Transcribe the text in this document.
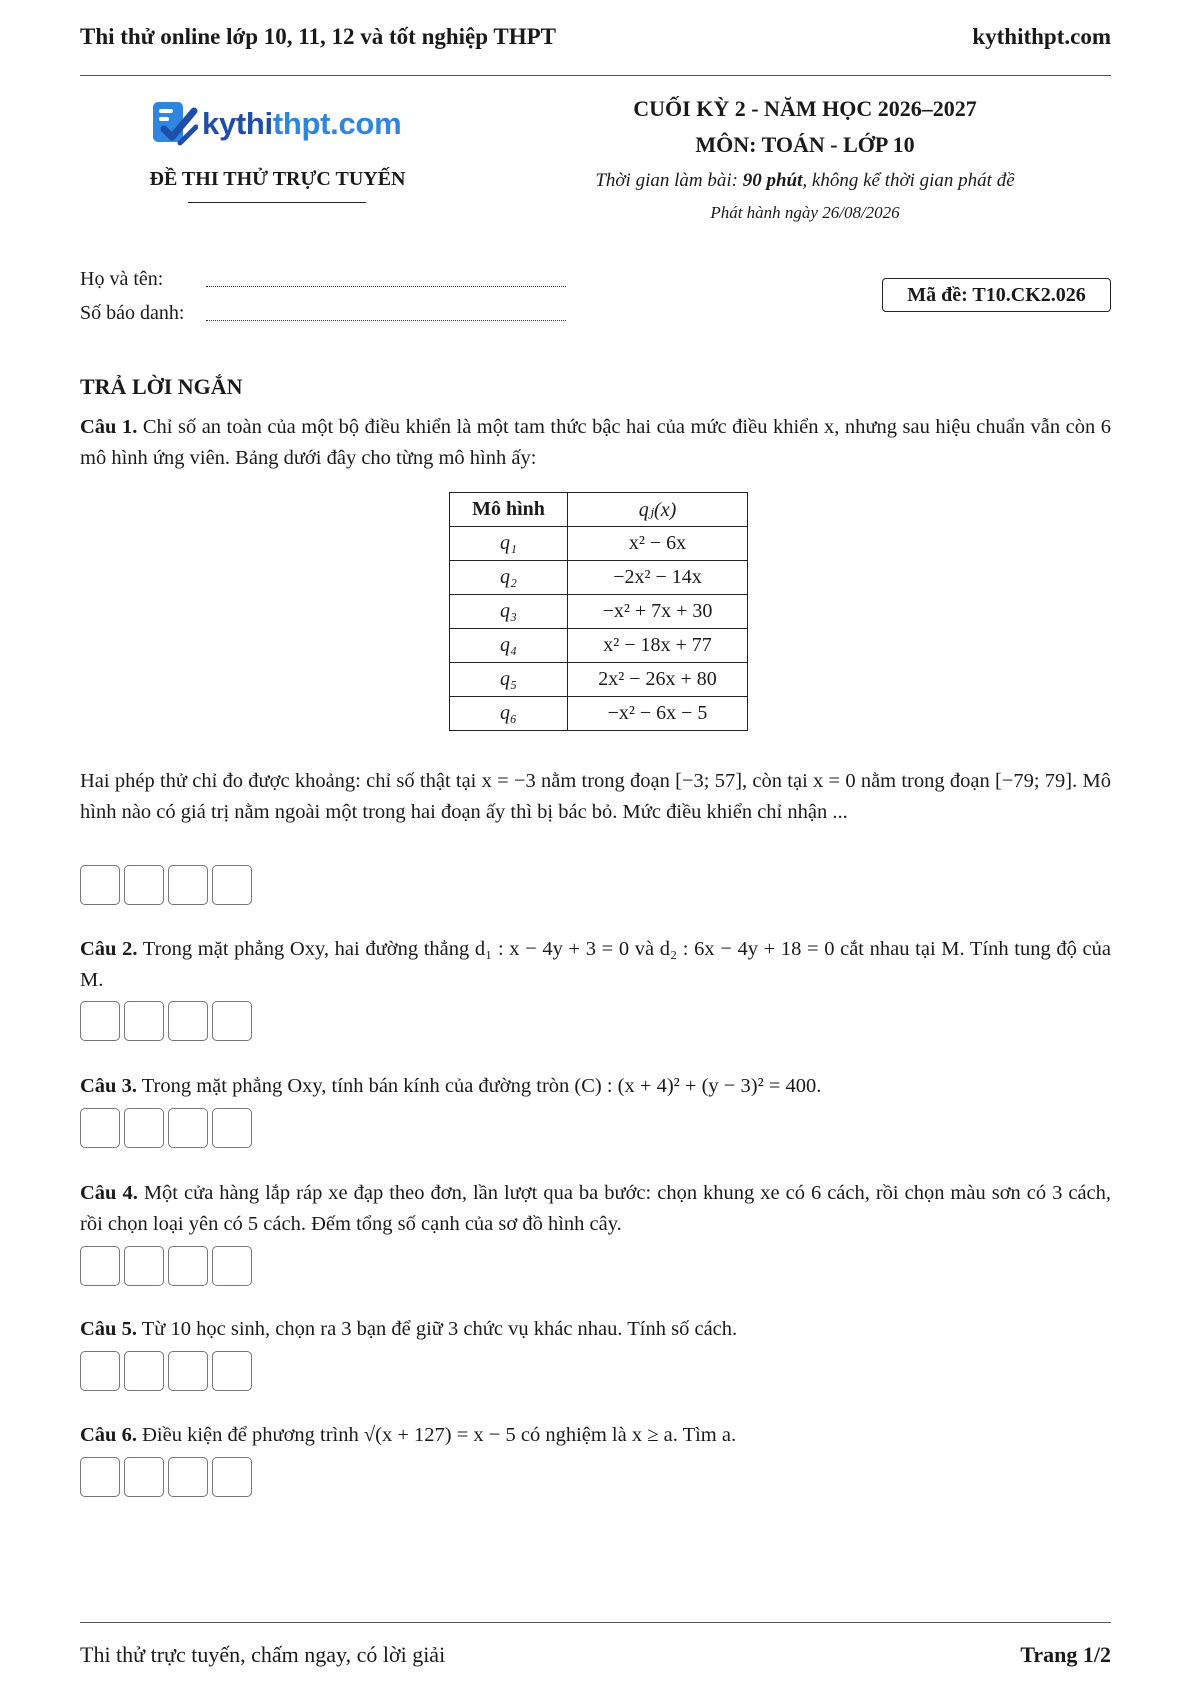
Thi thử online lớp 10, 11, 12 và tốt nghiệp THPT	kythithpt.com
kythithpt.com
ĐỀ THI THỬ TRỰC TUYẾN
CUỐI KỲ 2 - NĂM HỌC 2026–2027
MÔN: TOÁN - LỚP 10
Thời gian làm bài: 90 phút, không kể thời gian phát đề
Phát hành ngày 26/08/2026
Họ và tên:
Số báo danh:
Mã đề: T10.CK2.026
TRẢ LỜI NGẮN
Câu 1. Chỉ số an toàn của một bộ điều khiển là một tam thức bậc hai của mức điều khiển x, nhưng sau hiệu chuẩn vẫn còn 6 mô hình ứng viên. Bảng dưới đây cho từng mô hình ấy:
Mô hình	qⱼ(x)
q₁	x² − 6x
q₂	−2x² − 14x
q₃	−x² + 7x + 30
q₄	x² − 18x + 77
q₅	2x² − 26x + 80
q₆	−x² − 6x − 5
Hai phép thử chỉ đo được khoảng: chỉ số thật tại x = −3 nằm trong đoạn [−3; 57], còn tại x = 0 nằm trong đoạn [−79; 79]. Mô hình nào có giá trị nằm ngoài một trong hai đoạn ấy thì bị bác bỏ. Mức điều khiển chỉ nhận ...
Câu 2. Trong mặt phẳng Oxy, hai đường thẳng d₁ : x − 4y + 3 = 0 và d₂ : 6x − 4y + 18 = 0 cắt nhau tại M. Tính tung độ của M.
Câu 3. Trong mặt phẳng Oxy, tính bán kính của đường tròn (C) : (x + 4)² + (y − 3)² = 400.
Câu 4. Một cửa hàng lắp ráp xe đạp theo đơn, lần lượt qua ba bước: chọn khung xe có 6 cách, rồi chọn màu sơn có 3 cách, rồi chọn loại yên có 5 cách. Đếm tổng số cạnh của sơ đồ hình cây.
Câu 5. Từ 10 học sinh, chọn ra 3 bạn để giữ 3 chức vụ khác nhau. Tính số cách.
Câu 6. Điều kiện để phương trình √(x + 127) = x − 5 có nghiệm là x ≥ a. Tìm a.
Thi thử trực tuyến, chấm ngay, có lời giải	Trang 1/2
